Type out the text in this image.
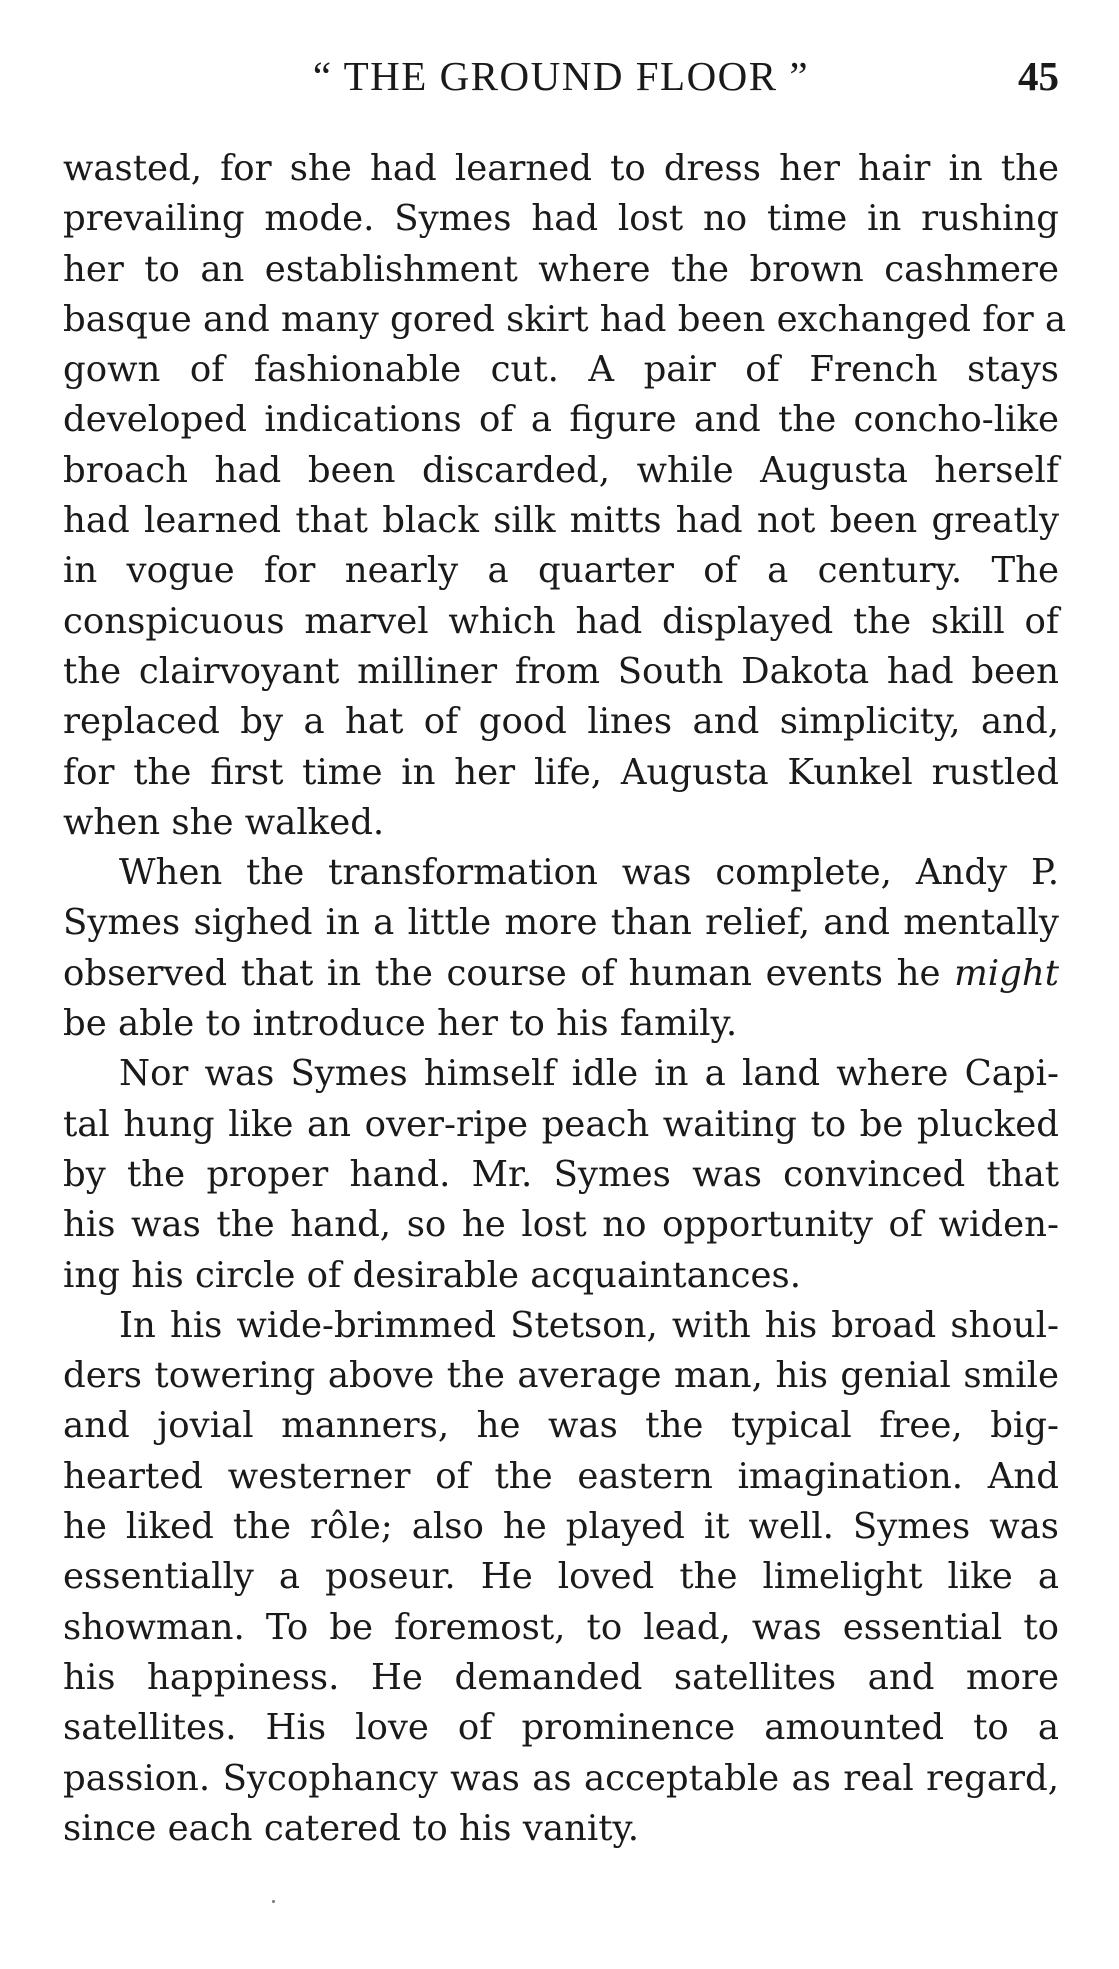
“ THE GROUND FLOOR ”	45

wasted, for she had learned to dress her hair in the
prevailing mode. Symes had lost no time in rushing
her to an establishment where the brown cashmere
basque and many gored skirt had been exchanged for a
gown of fashionable cut. A pair of French stays
developed indications of a figure and the concho-like
broach had been discarded, while Augusta herself
had learned that black silk mitts had not been greatly
in vogue for nearly a quarter of a century. The
conspicuous marvel which had displayed the skill of
the clairvoyant milliner from South Dakota had been
replaced by a hat of good lines and simplicity, and,
for the first time in her life, Augusta Kunkel rustled
when she walked.

When the transformation was complete, Andy P.
Symes sighed in a little more than relief, and mentally
observed that in the course of human events he might
be able to introduce her to his family.

Nor was Symes himself idle in a land where Capi-
tal hung like an over-ripe peach waiting to be plucked
by the proper hand. Mr. Symes was convinced that
his was the hand, so he lost no opportunity of widen-
ing his circle of desirable acquaintances.

In his wide-brimmed Stetson, with his broad shoul-
ders towering above the average man, his genial smile
and jovial manners, he was the typical free, big-
hearted westerner of the eastern imagination. And
he liked the rôle; also he played it well. Symes was
essentially a poseur. He loved the limelight like a
showman. To be foremost, to lead, was essential to
his happiness. He demanded satellites and more
satellites. His love of prominence amounted to a
passion. Sycophancy was as acceptable as real regard,
since each catered to his vanity.
